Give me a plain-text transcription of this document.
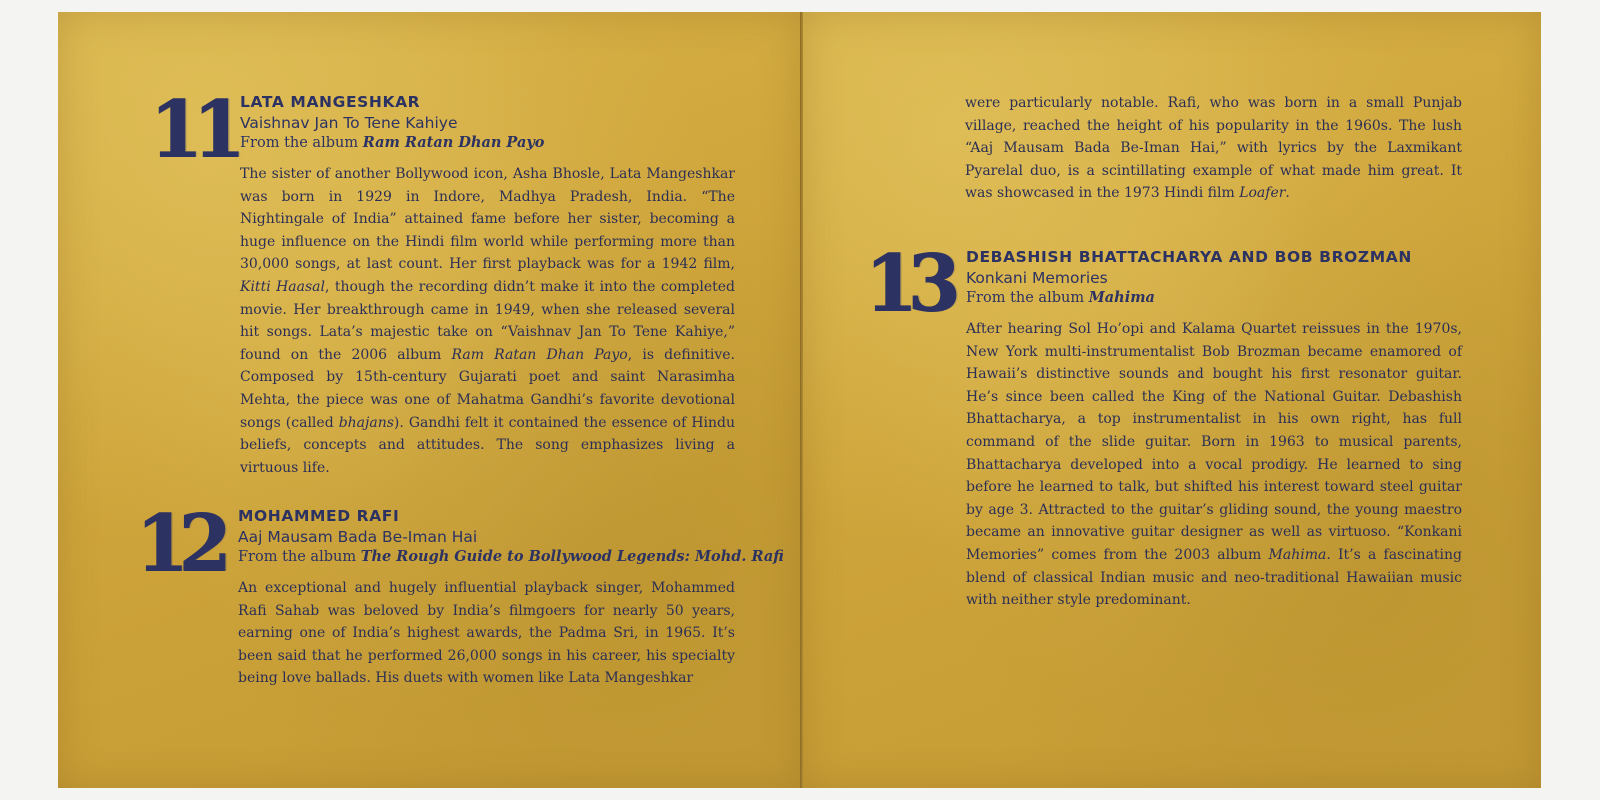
11 LATA MANGESHKAR
Vaishnav Jan To Tene Kahiye
From the album Ram Ratan Dhan Payo

The sister of another Bollywood icon, Asha Bhosle, Lata Mangeshkar was born in 1929 in Indore, Madhya Pradesh, India. “The Nightingale of India” attained fame before her sister, becoming a huge influence on the Hindi film world while performing more than 30,000 songs, at last count. Her first playback was for a 1942 film, Kitti Haasal, though the recording didn’t make it into the completed movie. Her breakthrough came in 1949, when she released several hit songs. Lata’s majestic take on “Vaishnav Jan To Tene Kahiye,” found on the 2006 album Ram Ratan Dhan Payo, is definitive. Composed by 15th-century Gujarati poet and saint Narasimha Mehta, the piece was one of Mahatma Gandhi’s favorite devotional songs (called bhajans). Gandhi felt it contained the essence of Hindu beliefs, concepts and attitudes. The song emphasizes living a virtuous life.

12 MOHAMMED RAFI
Aaj Mausam Bada Be-Iman Hai
From the album The Rough Guide to Bollywood Legends: Mohd. Rafi

An exceptional and hugely influential playback singer, Mohammed Rafi Sahab was beloved by India’s filmgoers for nearly 50 years, earning one of India’s highest awards, the Padma Sri, in 1965. It’s been said that he performed 26,000 songs in his career, his specialty being love ballads. His duets with women like Lata Mangeshkar

were particularly notable. Rafi, who was born in a small Punjab village, reached the height of his popularity in the 1960s. The lush “Aaj Mausam Bada Be-Iman Hai,” with lyrics by the Laxmikant Pyarelal duo, is a scintillating example of what made him great. It was showcased in the 1973 Hindi film Loafer.

13 DEBASHISH BHATTACHARYA AND BOB BROZMAN
Konkani Memories
From the album Mahima

After hearing Sol Ho’opi and Kalama Quartet reissues in the 1970s, New York multi-instrumentalist Bob Brozman became enamored of Hawaii’s distinctive sounds and bought his first resonator guitar. He’s since been called the King of the National Guitar. Debashish Bhattacharya, a top instrumentalist in his own right, has full command of the slide guitar. Born in 1963 to musical parents, Bhattacharya developed into a vocal prodigy. He learned to sing before he learned to talk, but shifted his interest toward steel guitar by age 3. Attracted to the guitar’s gliding sound, the young maestro became an innovative guitar designer as well as virtuoso. “Konkani Memories” comes from the 2003 album Mahima. It’s a fascinating blend of classical Indian music and neo-traditional Hawaiian music with neither style predominant.
